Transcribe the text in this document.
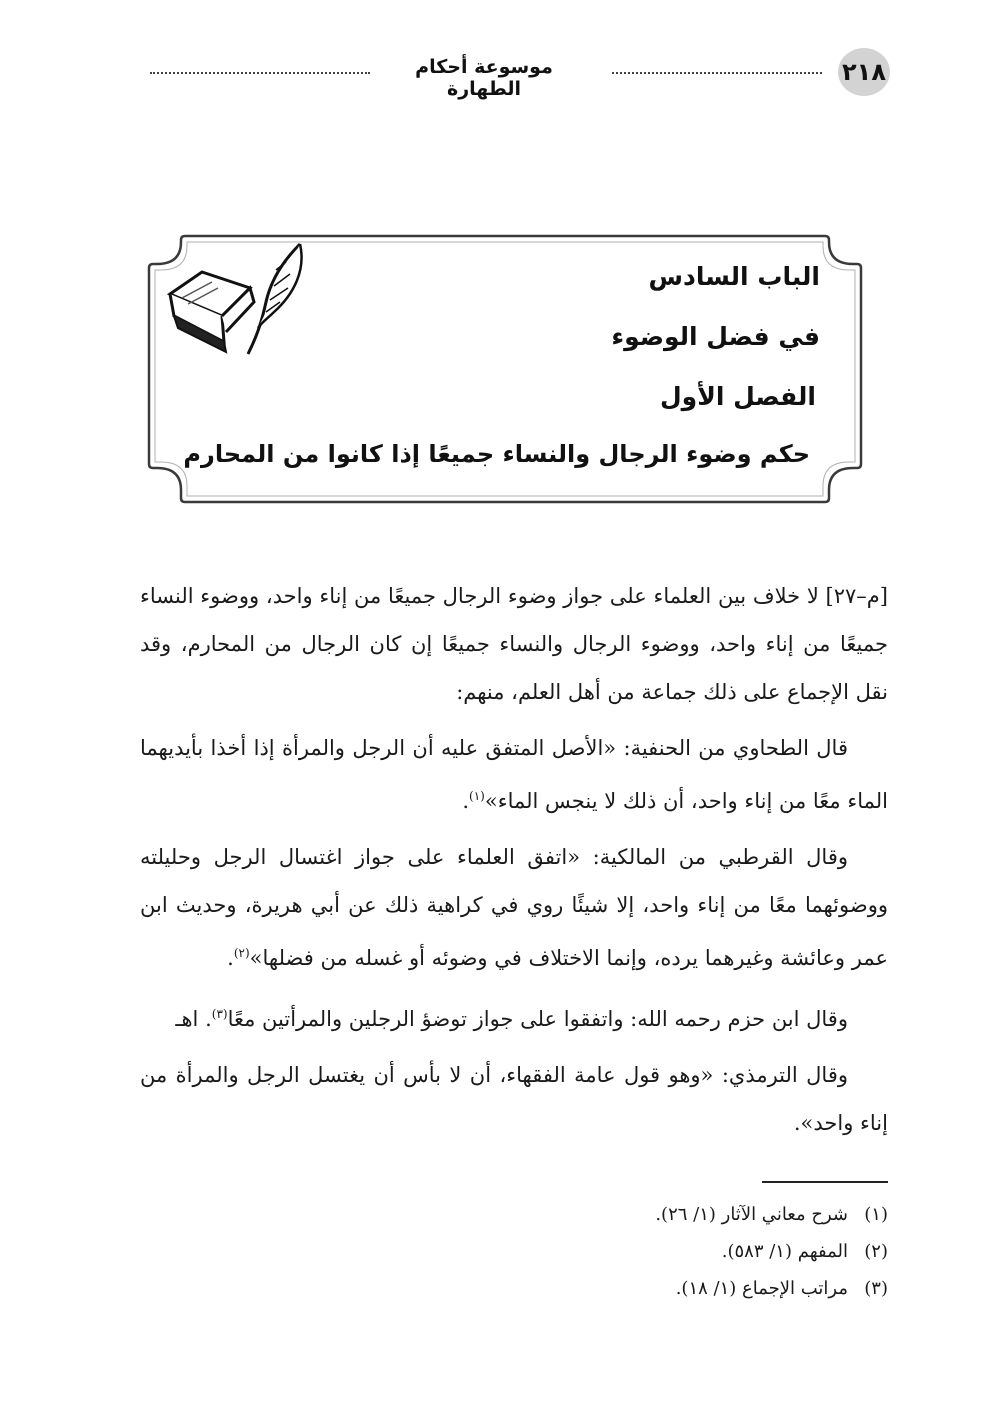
موسوعة أحكام الطهارة
٢١٨
الباب السادس
في فضل الوضوء
الفصل الأول
حكم وضوء الرجال والنساء جميعًا إذا كانوا من المحارم

[م–٢٧] لا خلاف بين العلماء على جواز وضوء الرجال جميعًا من إناء واحد، ووضوء النساء جميعًا من إناء واحد، ووضوء الرجال والنساء جميعًا إن كان الرجال من المحارم، وقد نقل الإجماع على ذلك جماعة من أهل العلم، منهم:

قال الطحاوي من الحنفية: «الأصل المتفق عليه أن الرجل والمرأة إذا أخذا بأيديهما الماء معًا من إناء واحد، أن ذلك لا ينجس الماء»$^{(١)}$.

وقال القرطبي من المالكية: «اتفق العلماء على جواز اغتسال الرجل وحليلته ووضوئهما معًا من إناء واحد، إلا شيئًا روي في كراهية ذلك عن أبي هريرة، وحديث ابن عمر وعائشة وغيرهما يرده، وإنما الاختلاف في وضوئه أو غسله من فضلها»$^{(٢)}$.

وقال ابن حزم رحمه الله: واتفقوا على جواز توضؤ الرجلين والمرأتين معًا$^{(٣)}$. اهـ

وقال الترمذي: «وهو قول عامة الفقهاء، أن لا بأس أن يغتسل الرجل والمرأة من إناء واحد».

(١)شرح معاني الآثار (١/ ٢٦).
(٢)المفهم (١/ ٥٨٣).
(٣)مراتب الإجماع (١/ ١٨).
